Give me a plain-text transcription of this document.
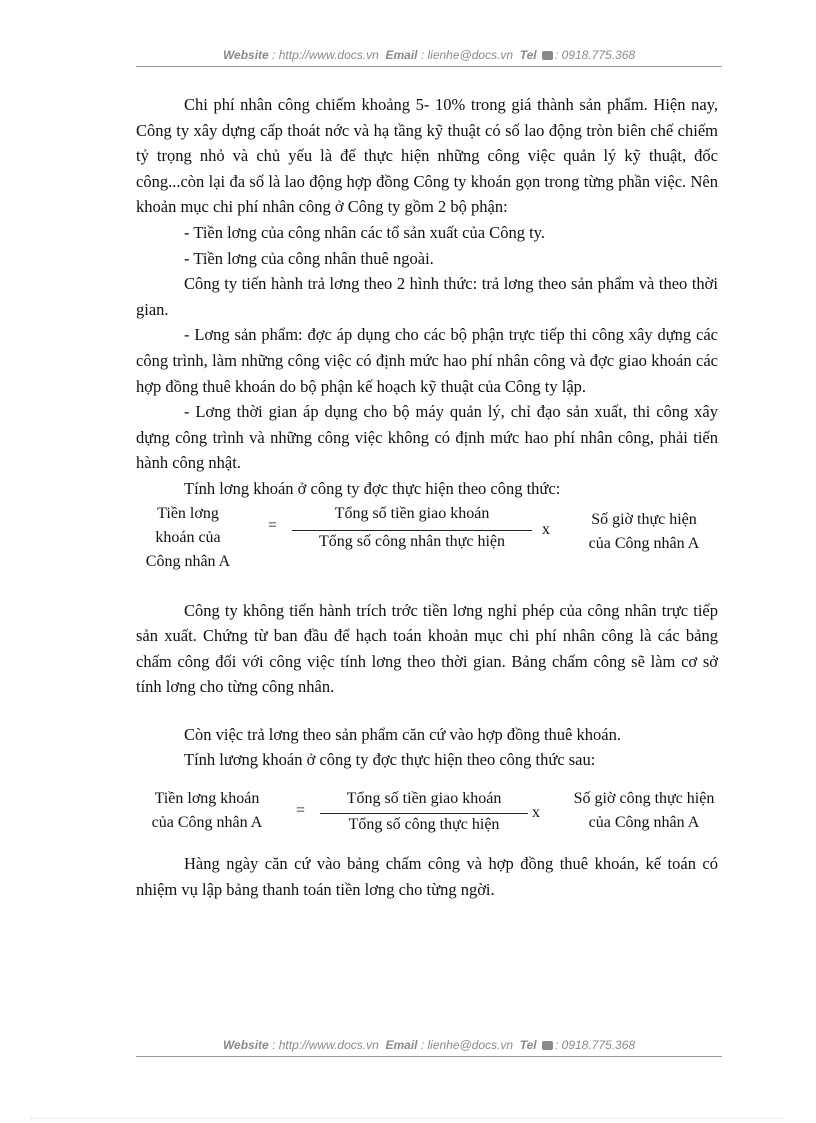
Website : http://www.docs.vn Email : lienhe@docs.vn Tel : 0918.775.368

Chi phí nhân công chiếm khoảng 5- 10% trong giá thành sản phẩm. Hiện nay, Công ty xây dựng cấp thoát nớc và hạ tầng kỹ thuật có số lao động tròn biên chế chiếm tỷ trọng nhỏ và chủ yếu là để thực hiện những công việc quản lý kỹ thuật, đốc công...còn lại đa số là lao động hợp đồng Công ty khoán gọn trong từng phần việc. Nên khoản mục chi phí nhân công ở Công ty gồm 2 bộ phận:

- Tiền lơng của công nhân các tổ sản xuất của Công ty.

- Tiền lơng của công nhân thuê ngoài.

Công ty tiến hành trả lơng theo 2 hình thức: trả lơng theo sản phẩm và theo thời gian.

- Lơng sản phẩm: đợc áp dụng cho các bộ phận trực tiếp thi công xây dựng các công trình, làm những công việc có định mức hao phí nhân công và đợc giao khoán các hợp đồng thuê khoán do bộ phận kế hoạch kỹ thuật của Công ty lập.

- Lơng thời gian áp dụng cho bộ máy quản lý, chỉ đạo sản xuất, thi công xây dựng công trình và những công việc không có định mức hao phí nhân công, phải tiến hành công nhật.

Tính lơng khoán ở công ty đợc thực hiện theo công thức:

Tiền lơng
khoán của
Công nhân A
=
Tổng số tiền giao khoán
Tổng số công nhân thực hiện
x
Số giờ thực hiện
của Công nhân A

Công ty không tiến hành trích trớc tiền lơng nghỉ phép của công nhân trực tiếp sản xuất. Chứng từ ban đầu để hạch toán khoản mục chi phí nhân công là các bảng chấm công đối với công việc tính lơng theo thời gian. Bảng chấm công sẽ làm cơ sở tính lơng cho từng công nhân.

Còn việc trả lơng theo sản phẩm căn cứ vào hợp đồng thuê khoán.

Tính lương khoán ở công ty đợc thực hiện theo công thức sau:

Tiền lơng khoán
của Công nhân A
=
Tổng số tiền giao khoán
Tổng số công thực hiện
x
Số giờ công thực hiện
của Công nhân A

Hàng ngày căn cứ vào bảng chấm công và hợp đồng thuê khoán, kế toán có nhiệm vụ lập bảng thanh toán tiền lơng cho từng ngời.

Website : http://www.docs.vn Email : lienhe@docs.vn Tel : 0918.775.368
